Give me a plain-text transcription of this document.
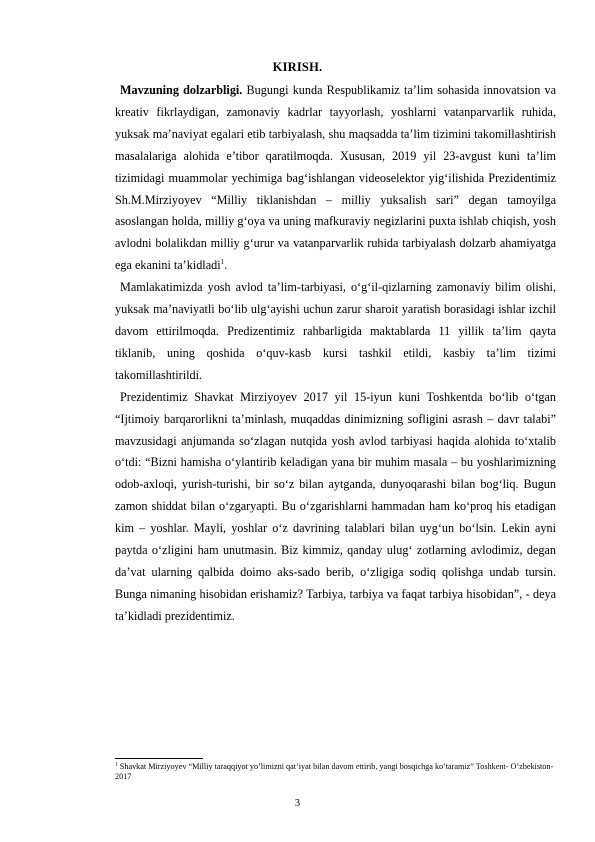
KIRISH.

Mavzuning dolzarbligi. Bugungi kunda Respublikamiz ta’lim sohasida innovatsion va kreativ fikrlaydigan, zamonaviy kadrlar tayyorlash, yoshlarni vatanparvarlik ruhida, yuksak ma’naviyat egalari etib tarbiyalash, shu maqsadda ta’lim tizimini takomillashtirish masalalariga alohida e’tibor qaratilmoqda. Xususan, 2019 yil 23-avgust kuni ta’lim tizimidagi muammolar yechimiga bag‘ishlangan videoselektor yig‘ilishida Prezidentimiz Sh.M.Mirziyoyev “Milliy tiklanishdan – milliy yuksalish sari” degan tamoyilga asoslangan holda, milliy g‘oya va uning mafkuraviy negizlarini puxta ishlab chiqish, yosh avlodni bolalikdan milliy g‘urur va vatanparvarlik ruhida tarbiyalash dolzarb ahamiyatga ega ekanini ta’kidladi$^1$.

Mamlakatimizda yosh avlod ta’lim-tarbiyasi, o‘g‘il-qizlarning zamonaviy bilim olishi, yuksak ma’naviyatli bo‘lib ulg‘ayishi uchun zarur sharoit yaratish borasidagi ishlar izchil davom ettirilmoqda. Predizentimiz rahbarligida maktablarda 11 yillik ta’lim qayta tiklanib, uning qoshida o‘quv-kasb kursi tashkil etildi, kasbiy ta’lim tizimi takomillashtirildi.

Prezidentimiz Shavkat Mirziyoyev 2017 yil 15-iyun kuni Toshkentda bo‘lib o‘tgan “Ijtimoiy barqarorlikni ta’minlash, muqaddas dinimizning sofligini asrash – davr talabi” mavzusidagi anjumanda so‘zlagan nutqida yosh avlod tarbiyasi haqida alohida to‘xtalib o‘tdi: “Bizni hamisha o‘ylantirib keladigan yana bir muhim masala – bu yoshlarimizning odob-axloqi, yurish-turishi, bir so‘z bilan aytganda, dunyoqarashi bilan bog‘liq. Bugun zamon shiddat bilan o‘zgaryapti. Bu o‘zgarishlarni hammadan ham ko‘proq his etadigan kim – yoshlar. Mayli, yoshlar o‘z davrining talablari bilan uyg‘un bo‘lsin. Lekin ayni paytda o‘zligini ham unutmasin. Biz kimmiz, qanday ulug‘ zotlarning avlodimiz, degan da’vat ularning qalbida doimo aks-sado berib, o‘zligiga sodiq qolishga undab tursin. Bunga nimaning hisobidan erishamiz? Tarbiya, tarbiya va faqat tarbiya hisobidan”, - deya ta’kidladi prezidentimiz.

$^1$ Shavkat Mirziyoyev “Milliy taraqqiyot yo’limizni qat’iyat bilan davom ettirib, yangi bosqichga ko’taramiz” Toshkent- O’zbekiston- 2017
3
